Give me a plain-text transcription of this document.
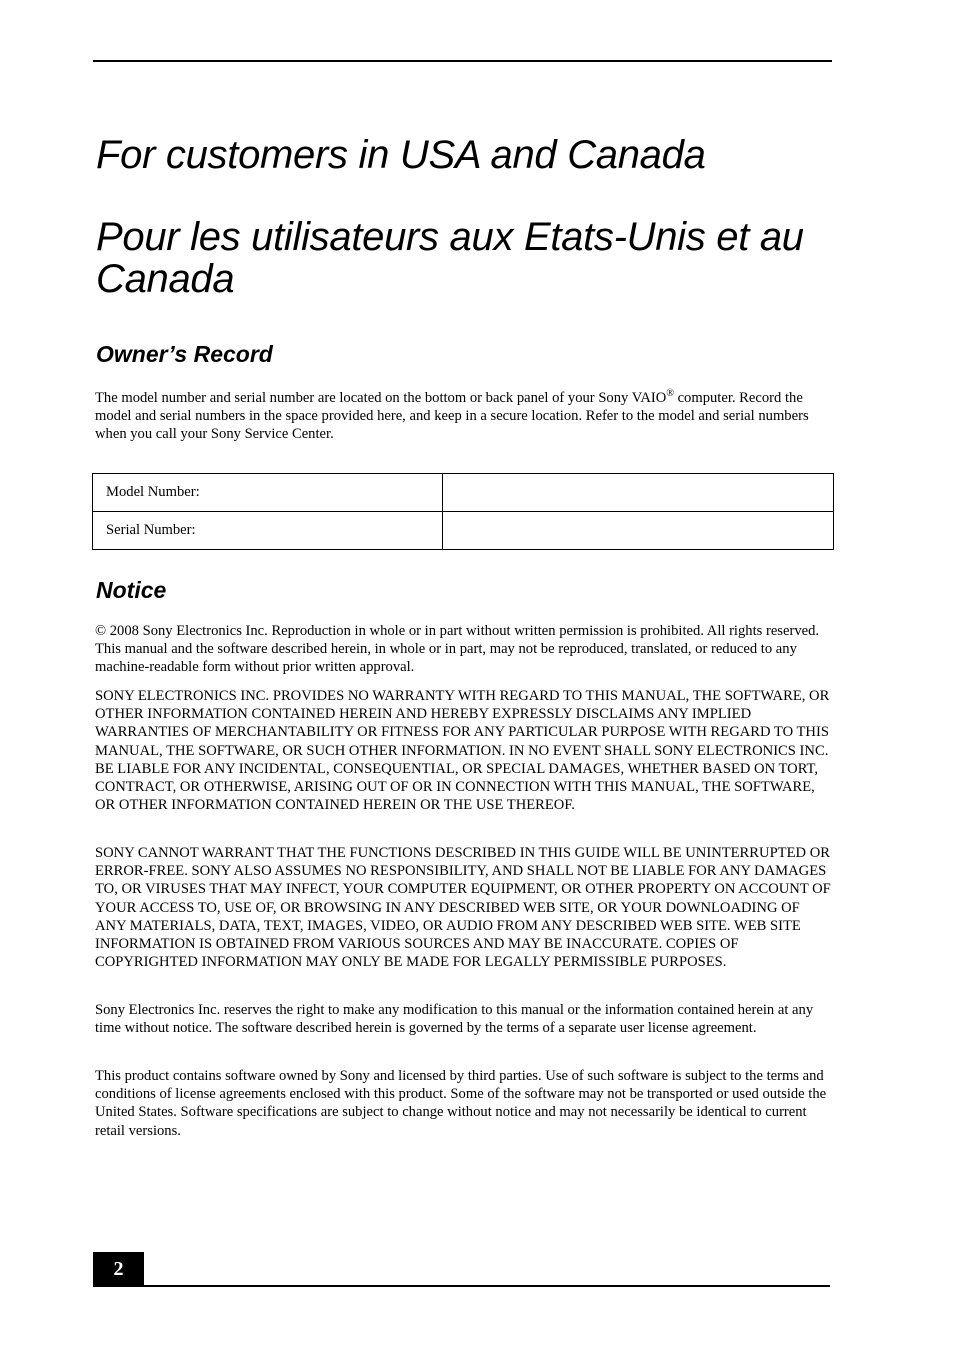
For customers in USA and Canada
Pour les utilisateurs aux Etats-Unis et au Canada
Owner’s Record

The model number and serial number are located on the bottom or back panel of your Sony VAIO® computer. Record the model and serial numbers in the space provided here, and keep in a secure location. Refer to the model and serial numbers when you call your Sony Service Center.

Model Number:	
Serial Number:	
Notice

© 2008 Sony Electronics Inc. Reproduction in whole or in part without written permission is prohibited. All rights reserved. This manual and the software described herein, in whole or in part, may not be reproduced, translated, or reduced to any machine-readable form without prior written approval.

SONY ELECTRONICS INC. PROVIDES NO WARRANTY WITH REGARD TO THIS MANUAL, THE SOFTWARE, OR OTHER INFORMATION CONTAINED HEREIN AND HEREBY EXPRESSLY DISCLAIMS ANY IMPLIED WARRANTIES OF MERCHANTABILITY OR FITNESS FOR ANY PARTICULAR PURPOSE WITH REGARD TO THIS MANUAL, THE SOFTWARE, OR SUCH OTHER INFORMATION. IN NO EVENT SHALL SONY ELECTRONICS INC. BE LIABLE FOR ANY INCIDENTAL, CONSEQUENTIAL, OR SPECIAL DAMAGES, WHETHER BASED ON TORT, CONTRACT, OR OTHERWISE, ARISING OUT OF OR IN CONNECTION WITH THIS MANUAL, THE SOFTWARE, OR OTHER INFORMATION CONTAINED HEREIN OR THE USE THEREOF.

SONY CANNOT WARRANT THAT THE FUNCTIONS DESCRIBED IN THIS GUIDE WILL BE UNINTERRUPTED OR ERROR-FREE. SONY ALSO ASSUMES NO RESPONSIBILITY, AND SHALL NOT BE LIABLE FOR ANY DAMAGES TO, OR VIRUSES THAT MAY INFECT, YOUR COMPUTER EQUIPMENT, OR OTHER PROPERTY ON ACCOUNT OF YOUR ACCESS TO, USE OF, OR BROWSING IN ANY DESCRIBED WEB SITE, OR YOUR DOWNLOADING OF ANY MATERIALS, DATA, TEXT, IMAGES, VIDEO, OR AUDIO FROM ANY DESCRIBED WEB SITE. WEB SITE INFORMATION IS OBTAINED FROM VARIOUS SOURCES AND MAY BE INACCURATE. COPIES OF COPYRIGHTED INFORMATION MAY ONLY BE MADE FOR LEGALLY PERMISSIBLE PURPOSES.

Sony Electronics Inc. reserves the right to make any modification to this manual or the information contained herein at any time without notice. The software described herein is governed by the terms of a separate user license agreement.

This product contains software owned by Sony and licensed by third parties. Use of such software is subject to the terms and conditions of license agreements enclosed with this product. Some of the software may not be transported or used outside the United States. Software specifications are subject to change without notice and may not necessarily be identical to current retail versions.

2
